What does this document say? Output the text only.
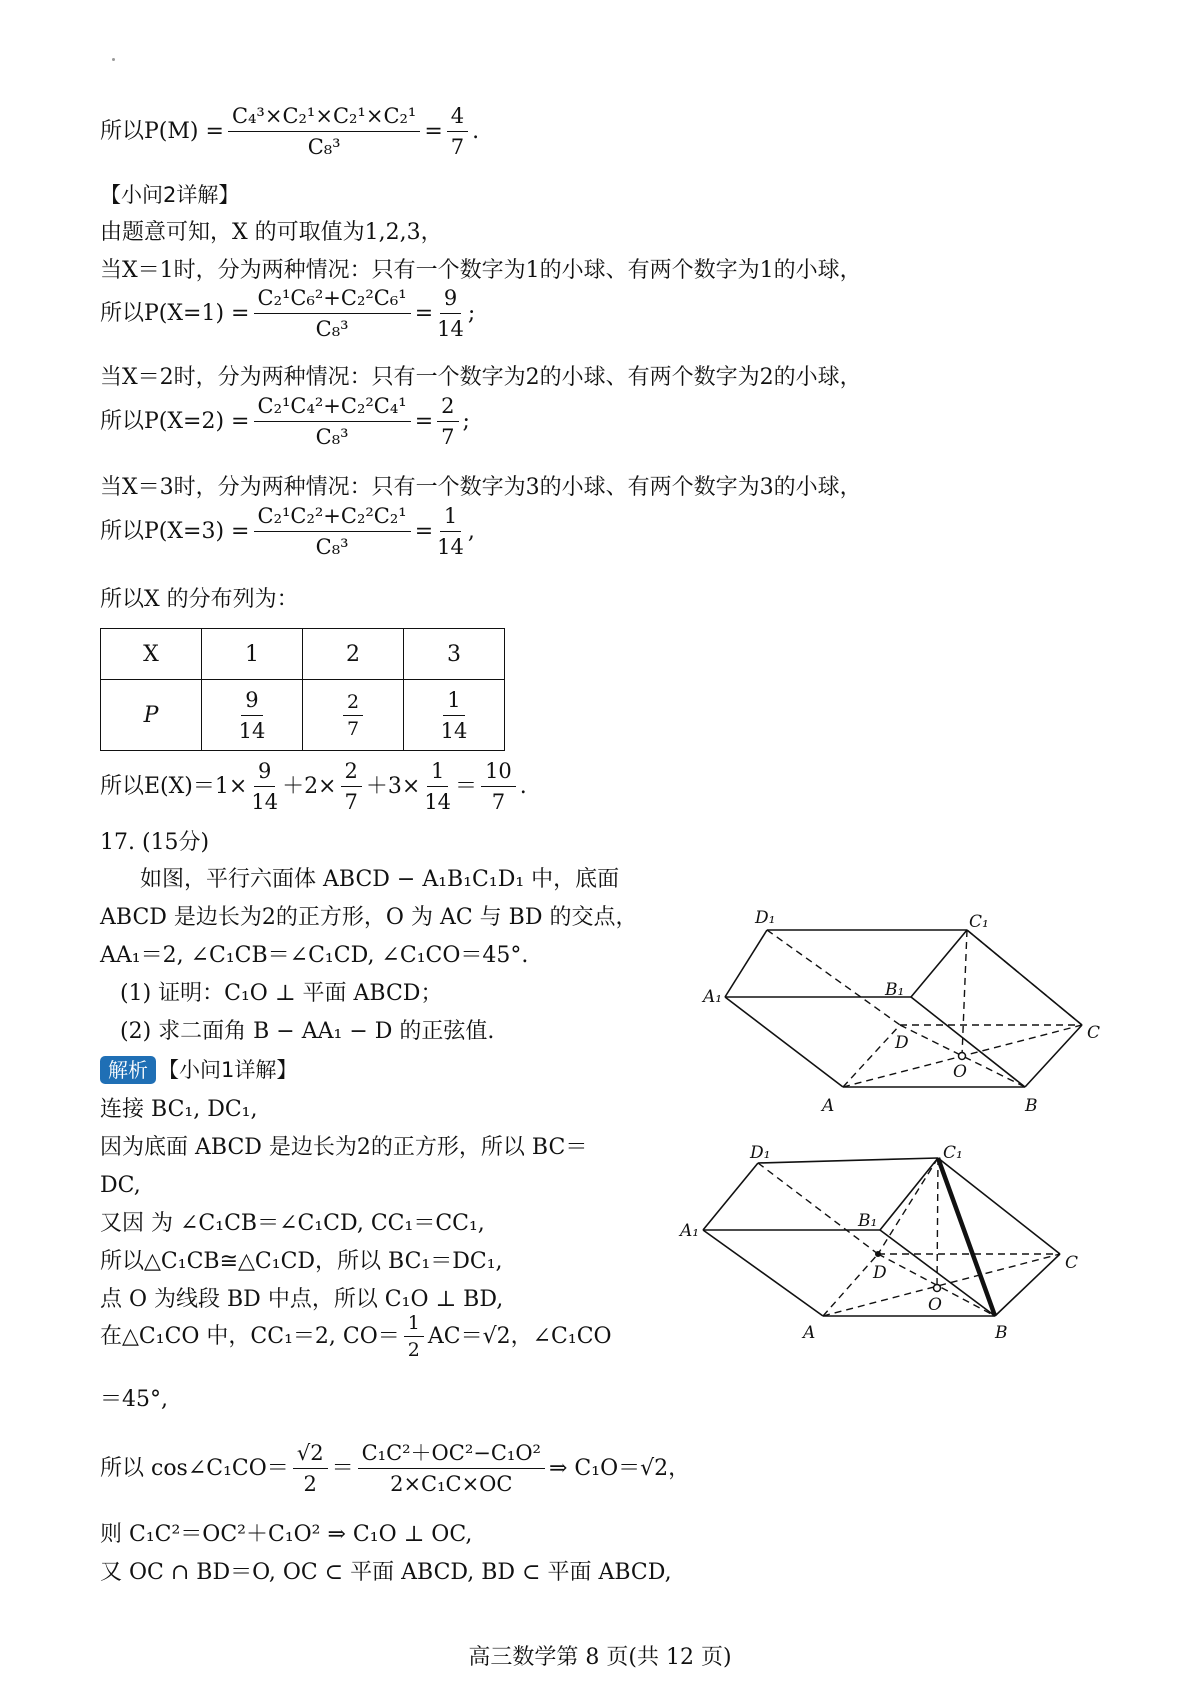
所以$P(M) = \frac{\text{C₄³×C₂¹×C₂¹×C₂¹}}{\text{C₈³}} = \frac{4}{7}$ .
【小问2详解】
由题意可知，X 的可取值为1,2,3，
当X＝1时，分为两种情况：只有一个数字为1的小球、有两个数字为1的小球，
所以$P(X=1) = \frac{\text{C₂¹C₆²+C₂²C₆¹}}{\text{C₈³}} = \frac{9}{14}$ ;
当X＝2时，分为两种情况：只有一个数字为2的小球、有两个数字为2的小球，
所以$P(X=2) = \frac{\text{C₂¹C₄²+C₂²C₄¹}}{\text{C₈³}} = \frac{2}{7}$ ;
当X＝3时，分为两种情况：只有一个数字为3的小球、有两个数字为3的小球，
所以$P(X=3) = \frac{\text{C₂¹C₂²+C₂²C₂¹}}{\text{C₈³}} = \frac{1}{14}$ ,
所以X 的分布列为：
X	1	2	3
P	$\frac{9}{14}$	$\frac{2}{7}$	$\frac{1}{14}$
所以$E(X)=1\times \frac{9}{14} +2\times \frac{2}{7} +3\times \frac{1}{14} = \frac{10}{7}$ .
17. (15分)
如图，平行六面体 ABCD − A₁B₁C₁D₁ 中，底面
ABCD 是边长为2的正方形，O 为 AC 与 BD 的交点，
AA₁＝2, ∠C₁CB＝∠C₁CD, ∠C₁CO＝45°.
(1) 证明：C₁O ⊥ 平面 ABCD；
(2) 求二面角 B − AA₁ − D 的正弦值.
解析 【小问1详解】
连接 BC₁, DC₁,
因为底面 ABCD 是边长为2的正方形，所以 BC＝
DC,
又因 为 ∠C₁CB＝∠C₁CD, CC₁＝CC₁,
所以△C₁CB≅△C₁CD，所以 BC₁＝DC₁,
点 O 为线段 BD 中点，所以 C₁O ⊥ BD,
在△C₁CO 中，CC₁＝2, $CO= \frac{1}{2} AC=√2$，∠C₁CO
＝45°,
所以 cos∠C₁CO＝ $\frac{√2}{2} = \frac{\text{C₁C²＋OC²−C₁O²}}{\text{2×C₁C×OC}}$ ⇒ C₁O＝√2，
则 C₁C²＝OC²＋C₁O² ⇒ C₁O ⊥ OC,
又 OC ∩ BD＝O, OC ⊂ 平面 ABCD, BD ⊂ 平面 ABCD,
A₁	B₁
C₁
D₁
A	B
C
D
O
A₁	B₁
C₁
D₁
A	B
C
D
O
高三数学第 8 页(共 12 页)
